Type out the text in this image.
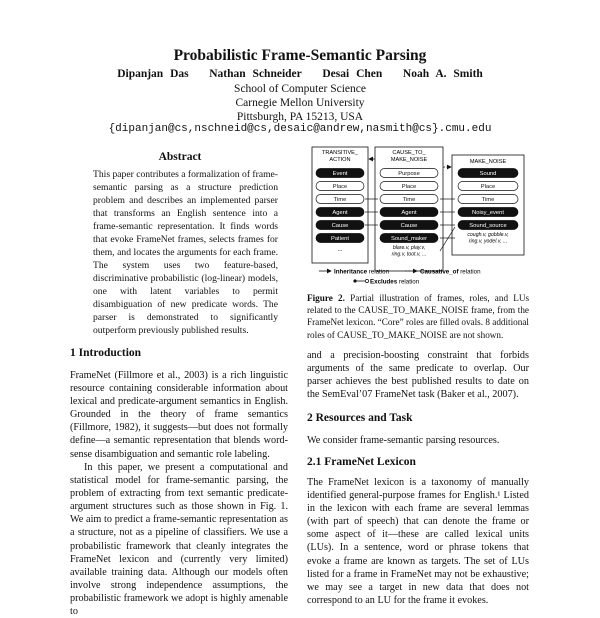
Probabilistic Frame-Semantic Parsing
Dipanjan Das Nathan Schneider Desai Chen Noah A. Smith
School of Computer Science
Carnegie Mellon University
Pittsburgh, PA 15213, USA
{dipanjan@cs,nschneid@cs,desaic@andrew,nasmith@cs}.cmu.edu
Abstract
This paper contributes a formalization of frame-semantic parsing as a structure prediction problem and describes an implemented parser that transforms an English sentence into a frame-semantic representation. It finds words that evoke FrameNet frames, selects frames for them, and locates the arguments for each frame. The system uses two feature-based, discriminative probabilistic (log-linear) models, one with latent variables to permit disambiguation of new predicate words. The parser is demonstrated to significantly outperform previously published results.
1 Introduction
FrameNet (Fillmore et al., 2003) is a rich linguistic resource containing considerable information about lexical and predicate-argument semantics in English. Grounded in the theory of frame semantics (Fillmore, 1982), it suggests—but does not formally define—a semantic representation that blends word-sense disambiguation and semantic role labeling.
In this paper, we present a computational and statistical model for frame-semantic parsing, the problem of extracting from text semantic predicate-argument structures such as those shown in Fig. 1. We aim to predict a frame-semantic representation as a structure, not as a pipeline of classifiers. We use a probabilistic framework that cleanly integrates the FrameNet lexicon and (currently very limited) available training data. Although our models often involve strong independence assumptions, the probabilistic framework we adopt is highly amenable to
TRANSITIVE_
ACTION
Event
Place
Time
Agent
Cause
Patient
...
CAUSE_TO_
MAKE_NOISE
Purpose
Place
Time
Agent
Cause
Sound_maker
blare.v, play.v,
ring.v, toot.v, ...
MAKE_NOISE
Sound
Place
Time
Noisy_event
Sound_source
cough.v, gobble.v,
ring.v, yodel.v, ...
Inheritance relation	Causative_of relation
Excludes relation
Figure 2. Partial illustration of frames, roles, and LUs related to the CAUSE_TO_MAKE_NOISE frame, from the FrameNet lexicon. “Core” roles are filled ovals. 8 additional roles of CAUSE_TO_MAKE_NOISE are not shown.
and a precision-boosting constraint that forbids arguments of the same predicate to overlap. Our parser achieves the best published results to date on the SemEval’07 FrameNet task (Baker et al., 2007).
2 Resources and Task
We consider frame-semantic parsing resources.
2.1 FrameNet Lexicon
The FrameNet lexicon is a taxonomy of manually identified general-purpose frames for English.¹ Listed in the lexicon with each frame are several lemmas (with part of speech) that can denote the frame or some aspect of it—these are called lexical units (LUs). In a sentence, word or phrase tokens that evoke a frame are known as targets. The set of LUs listed for a frame in FrameNet may not be exhaustive; we may see a target in new data that does not correspond to an LU for the frame it evokes.
